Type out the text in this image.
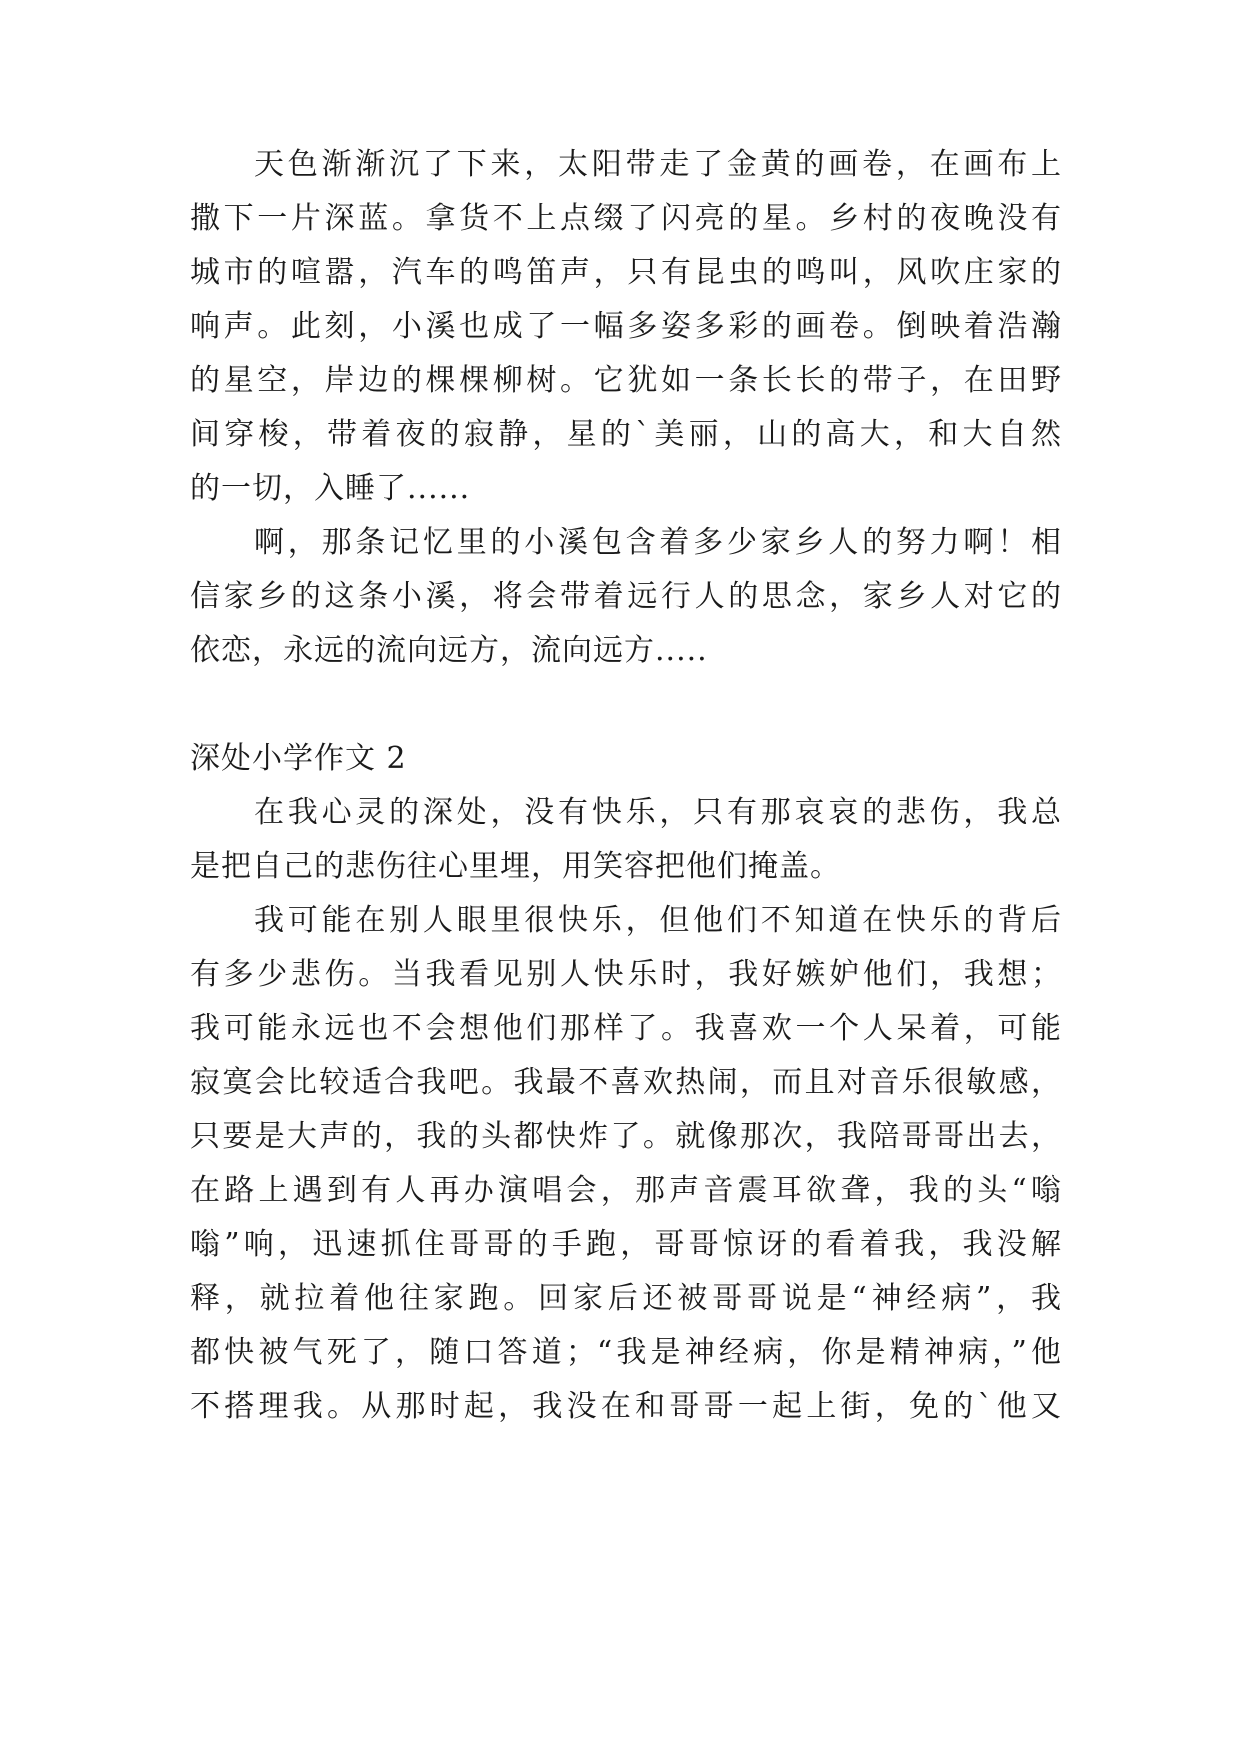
天色渐渐沉了下来，太阳带走了金黄的画卷，在画布上
撒下一片深蓝。拿货不上点缀了闪亮的星。乡村的夜晚没有
城市的喧嚣，汽车的鸣笛声，只有昆虫的鸣叫，风吹庄家的
响声。此刻，小溪也成了一幅多姿多彩的画卷。倒映着浩瀚
的星空，岸边的棵棵柳树。它犹如一条长长的带子，在田野
间穿梭，带着夜的寂静，星的`美丽，山的高大，和大自然
的一切，入睡了......
啊，那条记忆里的小溪包含着多少家乡人的努力啊！相
信家乡的这条小溪，将会带着远行人的思念，家乡人对它的
依恋，永远的流向远方，流向远方.....
深处小学作文 2
在我心灵的深处，没有快乐，只有那哀哀的悲伤，我总
是把自己的悲伤往心里埋，用笑容把他们掩盖。
我可能在别人眼里很快乐，但他们不知道在快乐的背后
有多少悲伤。当我看见别人快乐时，我好嫉妒他们，我想；
我可能永远也不会想他们那样了。我喜欢一个人呆着，可能
寂寞会比较适合我吧。我最不喜欢热闹，而且对音乐很敏感，
只要是大声的，我的头都快炸了。就像那次，我陪哥哥出去，
在路上遇到有人再办演唱会，那声音震耳欲聋，我的头“嗡
嗡”响，迅速抓住哥哥的手跑，哥哥惊讶的看着我，我没解
释，就拉着他往家跑。回家后还被哥哥说是“神经病”，我
都快被气死了，随口答道；“我是神经病，你是精神病，”他
不搭理我。从那时起，我没在和哥哥一起上街，免的`他又
